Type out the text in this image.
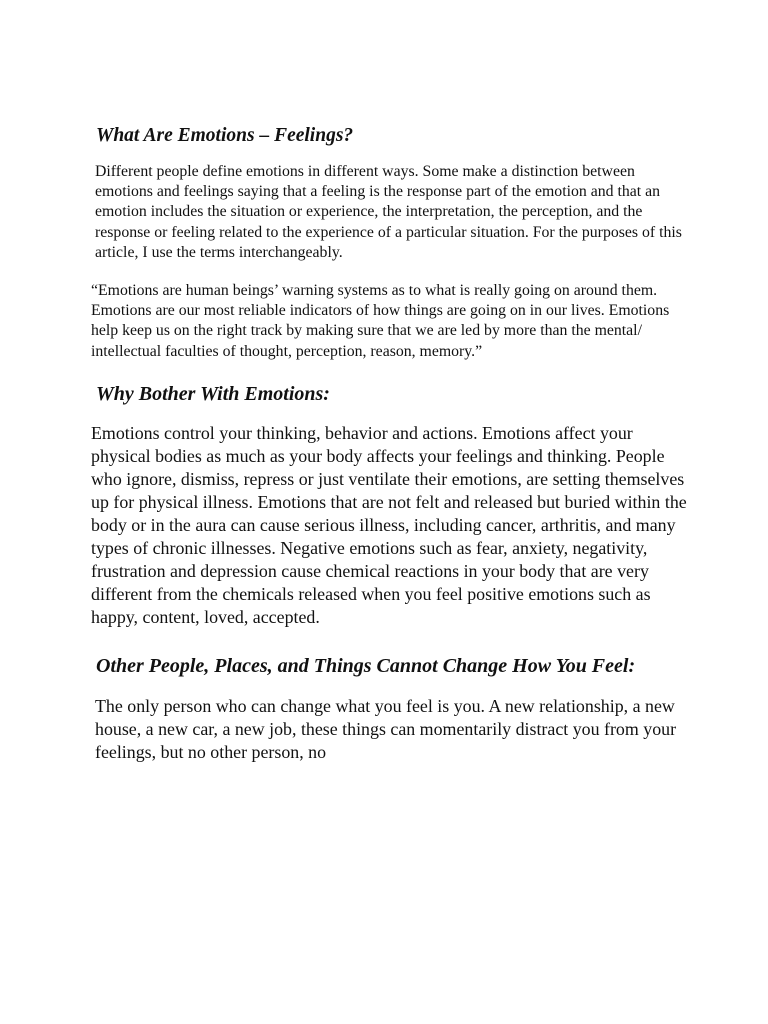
What Are Emotions – Feelings?

Different people define emotions in different ways. Some make a distinction between emotions and feelings saying that a feeling is the response part of the emotion and that an emotion includes the situation or experience, the interpretation, the perception, and the response or feeling related to the experience of a particular situation. For the purposes of this article, I use the terms interchangeably.

“Emotions are human beings’ warning systems as to what is really going on around them. Emotions are our most reliable indicators of how things are going on in our lives. Emotions help keep us on the right track by making sure that we are led by more than the mental/ intellectual faculties of thought, perception, reason, memory.”

Why Bother With Emotions:

Emotions control your thinking, behavior and actions. Emotions affect your physical bodies as much as your body affects your feelings and thinking. People who ignore, dismiss, repress or just ventilate their emotions, are setting themselves up for physical illness. Emotions that are not felt and released but buried within the body or in the aura can cause serious illness, including cancer, arthritis, and many types of chronic illnesses. Negative emotions such as fear, anxiety, negativity, frustration and depression cause chemical reactions in your body that are very different from the chemicals released when you feel positive emotions such as happy, content, loved, accepted.

Other People, Places, and Things Cannot Change How You Feel:

The only person who can change what you feel is you. A new relationship, a new house, a new car, a new job, these things can momentarily distract you from your feelings, but no other person, no
